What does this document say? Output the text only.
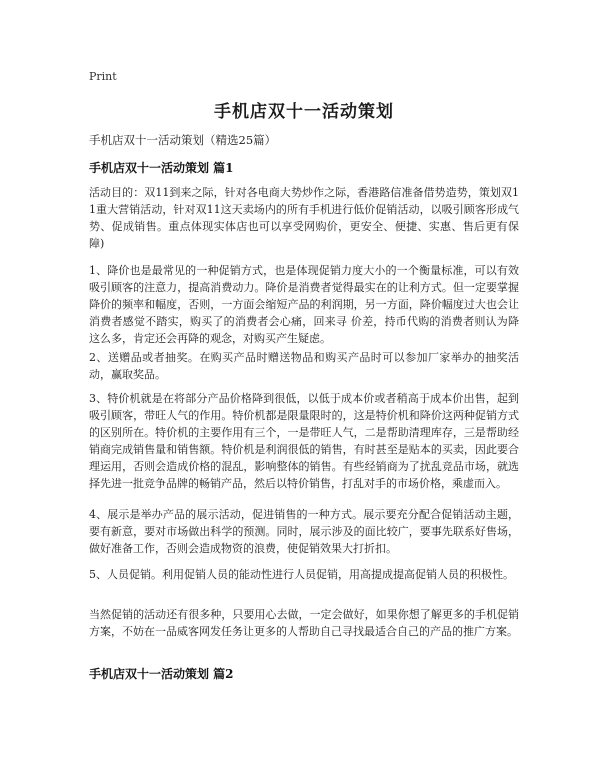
Print
手机店双十一活动策划
手机店双十一活动策划（精选25篇）
手机店双十一活动策划 篇1
活动目的：双11到来之际，针对各电商大势炒作之际，香港路信准备借势造势，策划双11重大营销活动，针对双11这天卖场内的所有手机进行低价促销活动，以吸引顾客形成气势、促成销售。重点体现实体店也可以享受网购价，更安全、便捷、实惠、售后更有保障)
1、降价也是最常见的一种促销方式，也是体现促销力度大小的一个衡量标准，可以有效吸引顾客的注意力，提高消费动力。降价是消费者觉得最实在的让利方式。但一定要掌握降价的频率和幅度，否则，一方面会缩短产品的利润期，另一方面，降价幅度过大也会让消费者感觉不踏实，购买了的消费者会心痛，回来寻 价差，持币代购的消费者则认为降这么多，肯定还会再降的观念，对购买产生疑虑。
2、送赠品或者抽奖。在购买产品时赠送物品和购买产品时可以参加厂家举办的抽奖活动，赢取奖品。
3、特价机就是在将部分产品价格降到很低，以低于成本价或者稍高于成本价出售，起到吸引顾客，带旺人气的作用。特价机都是限量限时的，这是特价机和降价这两种促销方式的区别所在。特价机的主要作用有三个，一是带旺人气，二是帮助清理库存，三是帮助经销商完成销售量和销售额。特价机是利润很低的销售，有时甚至是贴本的买卖，因此要合理运用，否则会造成价格的混乱，影响整体的销售。有些经销商为了扰乱竞品市场，就选择先进一批竞争品牌的畅销产品，然后以特价销售，打乱对手的市场价格，乘虚而入。
4、展示是举办产品的展示活动，促进销售的一种方式。展示要充分配合促销活动主题，要有新意，要对市场做出科学的预测。同时，展示涉及的面比较广，要事先联系好售场，做好准备工作，否则会造成物资的浪费，使促销效果大打折扣。
5、人员促销。利用促销人员的能动性进行人员促销，用高提成提高促销人员的积极性。
当然促销的活动还有很多种，只要用心去做，一定会做好，如果你想了解更多的手机促销方案，不妨在一品威客网发任务让更多的人帮助自己寻找最适合自己的产品的推广方案。
手机店双十一活动策划 篇2
